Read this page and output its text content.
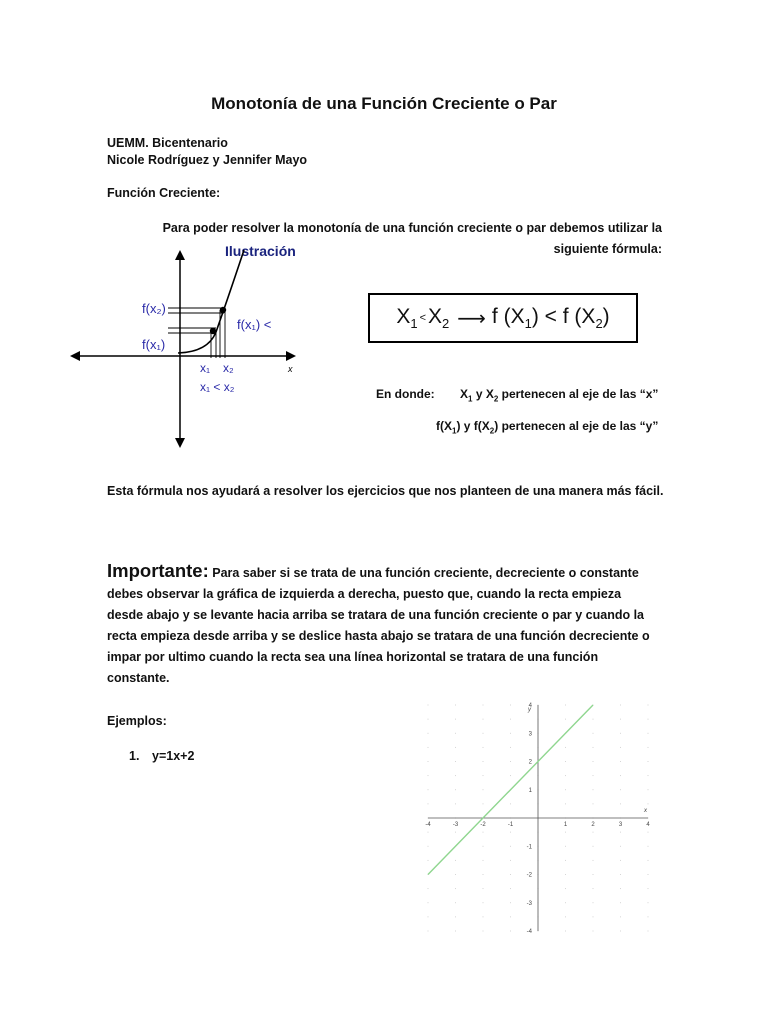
Monotonía de una Función Creciente o Par
UEMM. Bicentenario
Nicole Rodríguez y Jennifer Mayo
Función Creciente:
Para poder resolver la monotonía de una función creciente o par debemos utilizar la siguiente fórmula:
Ilustración
f(x₂)
f(x₁)
f(x₁) <
x₁ x₂
x₁ < x₂
x
$X_1 < X_2$ ⟶ f ($X_1$ ) < f $(X_2)$
En donde: $X_1$ y $X_2$ pertenecen al eje de las “x”
$f(X_1)$ y $f(X_2)$ pertenecen al eje de las “y”
Esta fórmula nos ayudará a resolver los ejercicios que nos planteen de una manera más fácil.
Importante: Para saber si se trata de una función creciente, decreciente o constante debes observar la gráfica de izquierda a derecha, puesto que, cuando la recta empieza desde abajo y se levante hacia arriba se tratara de una función creciente o par y cuando la recta empieza desde arriba y se deslice hasta abajo se tratara de una función decreciente o impar por ultimo cuando la recta sea una línea horizontal se tratara de una función constante.
Ejemplos:
1. y=1x+2
x
y
-4	-3	-2	-1	1	2	3	4
4
3
2
1
-1
-2
-3
-4
